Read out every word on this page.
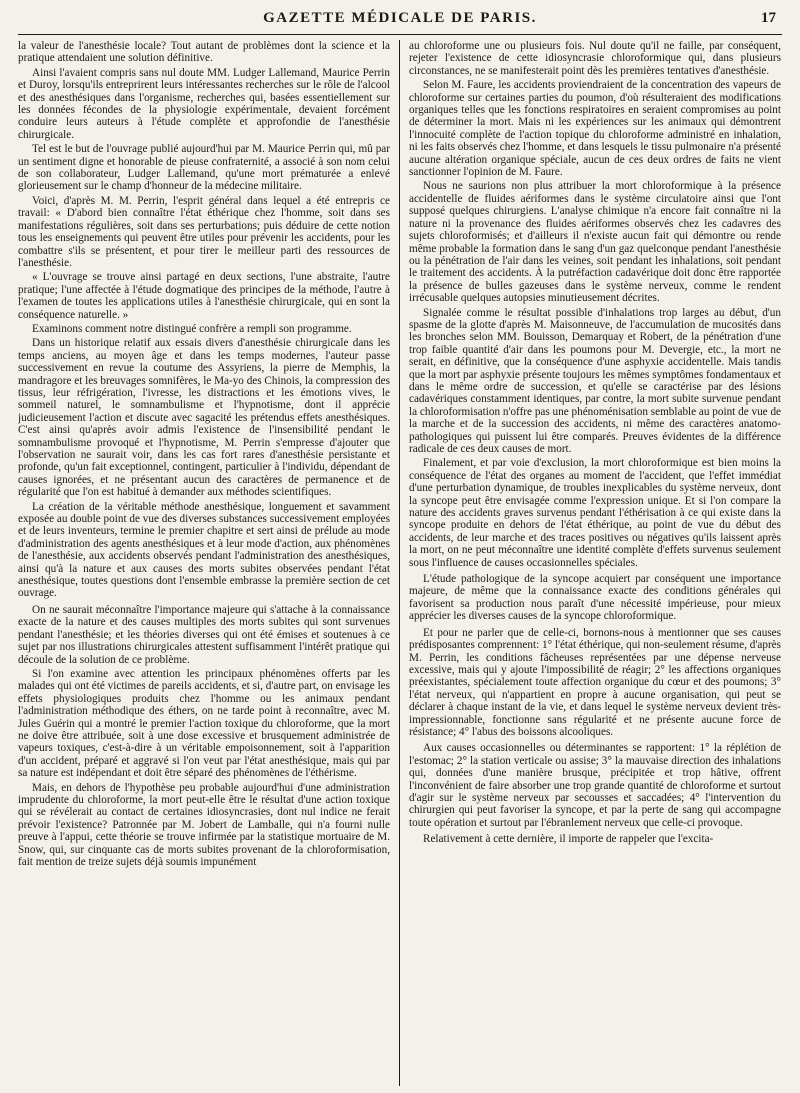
GAZETTE MÉDICALE DE PARIS.	17

la valeur de l'anesthésie locale? Tout autant de problèmes dont la science et la pratique attendaient une solution définitive.

Ainsi l'avaient compris sans nul doute MM. Ludger Lallemand, Maurice Perrin et Duroy, lorsqu'ils entreprirent leurs intéressantes recherches sur le rôle de l'alcool et des anesthésiques dans l'organisme, recherches qui, basées essentiellement sur les données fécondes de la physiologie expérimentale, devaient forcément conduire leurs auteurs à l'étude complète et approfondie de l'anesthésie chirurgicale.

Tel est le but de l'ouvrage publié aujourd'hui par M. Maurice Perrin qui, mû par un sentiment digne et honorable de pieuse confraternité, a associé à son nom celui de son collaborateur, Ludger Lallemand, qu'une mort prématurée a enlevé glorieusement sur le champ d'honneur de la médecine militaire.

Voici, d'après M. M. Perrin, l'esprit général dans lequel a été entrepris ce travail: « D'abord bien connaître l'état éthérique chez l'homme, soit dans ses manifestations régulières, soit dans ses perturbations; puis déduire de cette notion tous les enseignements qui peuvent être utiles pour prévenir les accidents, pour les combattre s'ils se présentent, et pour tirer le meilleur parti des ressources de l'anesthésie.

« L'ouvrage se trouve ainsi partagé en deux sections, l'une abstraite, l'autre pratique; l'une affectée à l'étude dogmatique des principes de la méthode, l'autre à l'examen de toutes les applications utiles à l'anesthésie chirurgicale, qui en sont la conséquence naturelle. »

Examinons comment notre distingué confrère a rempli son programme.

Dans un historique relatif aux essais divers d'anesthésie chirurgicale dans les temps anciens, au moyen âge et dans les temps modernes, l'auteur passe successivement en revue la coutume des Assyriens, la pierre de Memphis, la mandragore et les breuvages somnifères, le Ma-yo des Chinois, la compression des tissus, leur réfrigération, l'ivresse, les distractions et les émotions vives, le sommeil naturel, le somnambulisme et l'hypnotisme, dont il apprécie judicieusement l'action et discute avec sagacité les prétendus effets anesthésiques. C'est ainsi qu'après avoir admis l'existence de l'insensibilité pendant le somnambulisme provoqué et l'hypnotisme, M. Perrin s'empresse d'ajouter que l'observation ne saurait voir, dans les cas fort rares d'anesthésie persistante et profonde, qu'un fait exceptionnel, contingent, particulier à l'individu, dépendant de causes ignorées, et ne présentant aucun des caractères de permanence et de régularité que l'on est habitué à demander aux méthodes scientifiques.

La création de la véritable méthode anesthésique, longuement et savamment exposée au double point de vue des diverses substances successivement employées et de leurs inventeurs, termine le premier chapitre et sert ainsi de prélude au mode d'administration des agents anesthésiques et à leur mode d'action, aux phénomènes de l'anesthésie, aux accidents observés pendant l'administration des anesthésiques, ainsi qu'à la nature et aux causes des morts subites observées pendant l'état anesthésique, toutes questions dont l'ensemble embrasse la première section de cet ouvrage.

On ne saurait méconnaître l'importance majeure qui s'attache à la connaissance exacte de la nature et des causes multiples des morts subites qui sont survenues pendant l'anesthésie; et les théories diverses qui ont été émises et soutenues à ce sujet par nos illustrations chirurgicales attestent suffisamment l'intérêt pratique qui découle de la solution de ce problème.

Si l'on examine avec attention les principaux phénomènes offerts par les malades qui ont été victimes de pareils accidents, et si, d'autre part, on envisage les effets physiologiques produits chez l'homme ou les animaux pendant l'administration méthodique des éthers, on ne tarde point à reconnaître, avec M. Jules Guérin qui a montré le premier l'action toxique du chloroforme, que la mort ne doive être attribuée, soit à une dose excessive et brusquement administrée de vapeurs toxiques, c'est-à-dire à un véritable empoisonnement, soit à l'apparition d'un accident, préparé et aggravé si l'on veut par l'état anesthésique, mais qui par sa nature est indépendant et doit être séparé des phénomènes de l'éthérisme.

Mais, en dehors de l'hypothèse peu probable aujourd'hui d'une administration imprudente du chloroforme, la mort peut-elle être le résultat d'une action toxique qui se révélerait au contact de certaines idiosyncrasies, dont nul indice ne ferait prévoir l'existence? Patronnée par M. Jobert de Lamballe, qui n'a fourni nulle preuve à l'appui, cette théorie se trouve infirmée par la statistique mortuaire de M. Snow, qui, sur cinquante cas de morts subites provenant de la chloroformisation, fait mention de treize sujets déjà soumis impunément

au chloroforme une ou plusieurs fois. Nul doute qu'il ne faille, par conséquent, rejeter l'existence de cette idiosyncrasie chloroformique qui, dans plusieurs circonstances, ne se manifesterait point dès les premières tentatives d'anesthésie.

Selon M. Faure, les accidents proviendraient de la concentration des vapeurs de chloroforme sur certaines parties du poumon, d'où résulteraient des modifications organiques telles que les fonctions respiratoires en seraient compromises au point de déterminer la mort. Mais ni les expériences sur les animaux qui démontrent l'innocuité complète de l'action topique du chloroforme administré en inhalation, ni les faits observés chez l'homme, et dans lesquels le tissu pulmonaire n'a présenté aucune altération organique spéciale, aucun de ces deux ordres de faits ne vient sanctionner l'opinion de M. Faure.

Nous ne saurions non plus attribuer la mort chloroformique à la présence accidentelle de fluides aériformes dans le système circulatoire ainsi que l'ont supposé quelques chirurgiens. L'analyse chimique n'a encore fait connaître ni la nature ni la provenance des fluides aériformes observés chez les cadavres des sujets chloroformisés; et d'ailleurs il n'existe aucun fait qui démontre ou rende même probable la formation dans le sang d'un gaz quelconque pendant l'anesthésie ou la pénétration de l'air dans les veines, soit pendant les inhalations, soit pendant le traitement des accidents. À la putréfaction cadavérique doit donc être rapportée la présence de bulles gazeuses dans le système nerveux, comme le rendent irrécusable quelques autopsies minutieusement décrites.

Signalée comme le résultat possible d'inhalations trop larges au début, d'un spasme de la glotte d'après M. Maisonneuve, de l'accumulation de mucosités dans les bronches selon MM. Bouisson, Demarquay et Robert, de la pénétration d'une trop faible quantité d'air dans les poumons pour M. Devergie, etc., la mort ne serait, en définitive, que la conséquence d'une asphyxie accidentelle. Mais tandis que la mort par asphyxie présente toujours les mêmes symptômes fondamentaux et dans le même ordre de succession, et qu'elle se caractérise par des lésions cadavériques constamment identiques, par contre, la mort subite survenue pendant la chloroformisation n'offre pas une phénoménisation semblable au point de vue de la marche et de la succession des accidents, ni même des caractères anatomo-pathologiques qui puissent lui être comparés. Preuves évidentes de la différence radicale de ces deux causes de mort.

Finalement, et par voie d'exclusion, la mort chloroformique est bien moins la conséquence de l'état des organes au moment de l'accident, que l'effet immédiat d'une perturbation dynamique, de troubles inexplicables du système nerveux, dont la syncope peut être envisagée comme l'expression unique. Et si l'on compare la nature des accidents graves survenus pendant l'éthérisation à ce qui existe dans la syncope produite en dehors de l'état éthérique, au point de vue du début des accidents, de leur marche et des traces positives ou négatives qu'ils laissent après la mort, on ne peut méconnaître une identité complète d'effets survenus seulement sous l'influence de causes occasionnelles spéciales.

L'étude pathologique de la syncope acquiert par conséquent une importance majeure, de même que la connaissance exacte des conditions générales qui favorisent sa production nous paraît d'une nécessité impérieuse, pour mieux apprécier les diverses causes de la syncope chloroformique.

Et pour ne parler que de celle-ci, bornons-nous à mentionner que ses causes prédisposantes comprennent: 1° l'état éthérique, qui non-seulement résume, d'après M. Perrin, les conditions fâcheuses représentées par une dépense nerveuse excessive, mais qui y ajoute l'impossibilité de réagir; 2° les affections organiques préexistantes, spécialement toute affection organique du cœur et des poumons; 3° l'état nerveux, qui n'appartient en propre à aucune organisation, qui peut se déclarer à chaque instant de la vie, et dans lequel le système nerveux devient très-impressionnable, fonctionne sans régularité et ne présente aucune force de résistance; 4° l'abus des boissons alcooliques.

Aux causes occasionnelles ou déterminantes se rapportent: 1° la réplétion de l'estomac; 2° la station verticale ou assise; 3° la mauvaise direction des inhalations qui, données d'une manière brusque, précipitée et trop hâtive, offrent l'inconvénient de faire absorber une trop grande quantité de chloroforme et surtout d'agir sur le système nerveux par secousses et saccadées; 4° l'intervention du chirurgien qui peut favoriser la syncope, et par la perte de sang qui accompagne toute opération et surtout par l'ébranlement nerveux que celle-ci provoque.

Relativement à cette dernière, il importe de rappeler que l'excita-
